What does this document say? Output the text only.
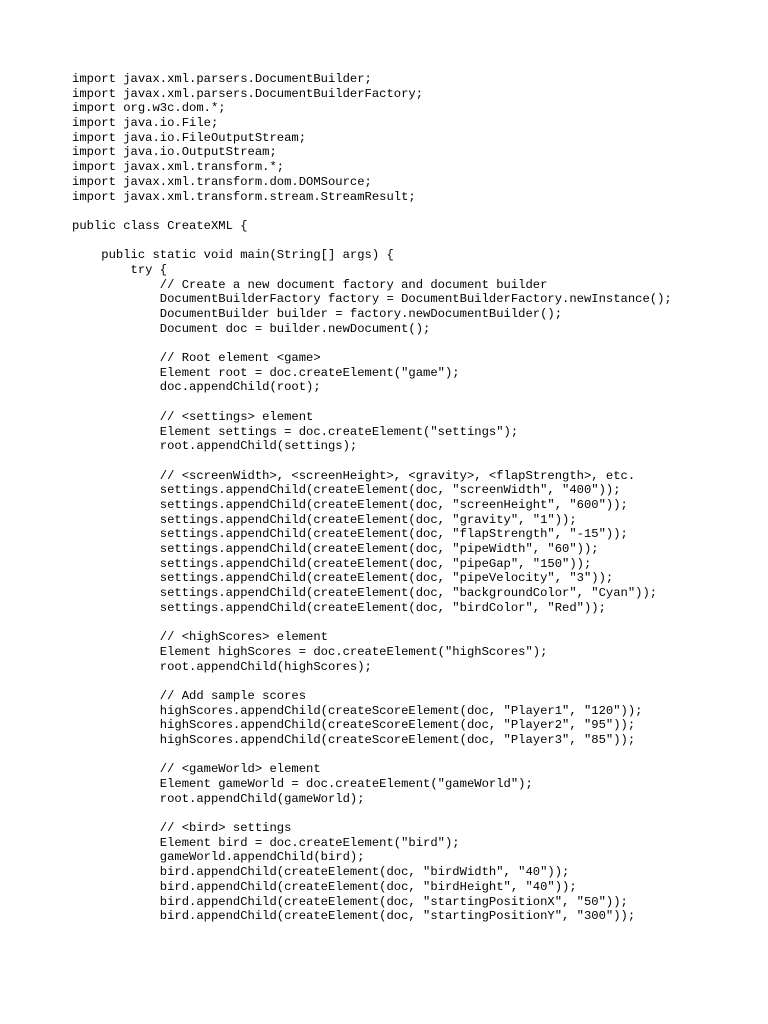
import javax.xml.parsers.DocumentBuilder;
import javax.xml.parsers.DocumentBuilderFactory;
import org.w3c.dom.*;
import java.io.File;
import java.io.FileOutputStream;
import java.io.OutputStream;
import javax.xml.transform.*;
import javax.xml.transform.dom.DOMSource;
import javax.xml.transform.stream.StreamResult;
public class CreateXML {
public static void main(String[] args) {
try {
// Create a new document factory and document builder
DocumentBuilderFactory factory = DocumentBuilderFactory.newInstance();
DocumentBuilder builder = factory.newDocumentBuilder();
Document doc = builder.newDocument();
// Root element <game>
Element root = doc.createElement("game");
doc.appendChild(root);
// <settings> element
Element settings = doc.createElement("settings");
root.appendChild(settings);
// <screenWidth>, <screenHeight>, <gravity>, <flapStrength>, etc.
settings.appendChild(createElement(doc, "screenWidth", "400"));
settings.appendChild(createElement(doc, "screenHeight", "600"));
settings.appendChild(createElement(doc, "gravity", "1"));
settings.appendChild(createElement(doc, "flapStrength", "-15"));
settings.appendChild(createElement(doc, "pipeWidth", "60"));
settings.appendChild(createElement(doc, "pipeGap", "150"));
settings.appendChild(createElement(doc, "pipeVelocity", "3"));
settings.appendChild(createElement(doc, "backgroundColor", "Cyan"));
settings.appendChild(createElement(doc, "birdColor", "Red"));
// <highScores> element
Element highScores = doc.createElement("highScores");
root.appendChild(highScores);
// Add sample scores
highScores.appendChild(createScoreElement(doc, "Player1", "120"));
highScores.appendChild(createScoreElement(doc, "Player2", "95"));
highScores.appendChild(createScoreElement(doc, "Player3", "85"));
// <gameWorld> element
Element gameWorld = doc.createElement("gameWorld");
root.appendChild(gameWorld);
// <bird> settings
Element bird = doc.createElement("bird");
gameWorld.appendChild(bird);
bird.appendChild(createElement(doc, "birdWidth", "40"));
bird.appendChild(createElement(doc, "birdHeight", "40"));
bird.appendChild(createElement(doc, "startingPositionX", "50"));
bird.appendChild(createElement(doc, "startingPositionY", "300"));
